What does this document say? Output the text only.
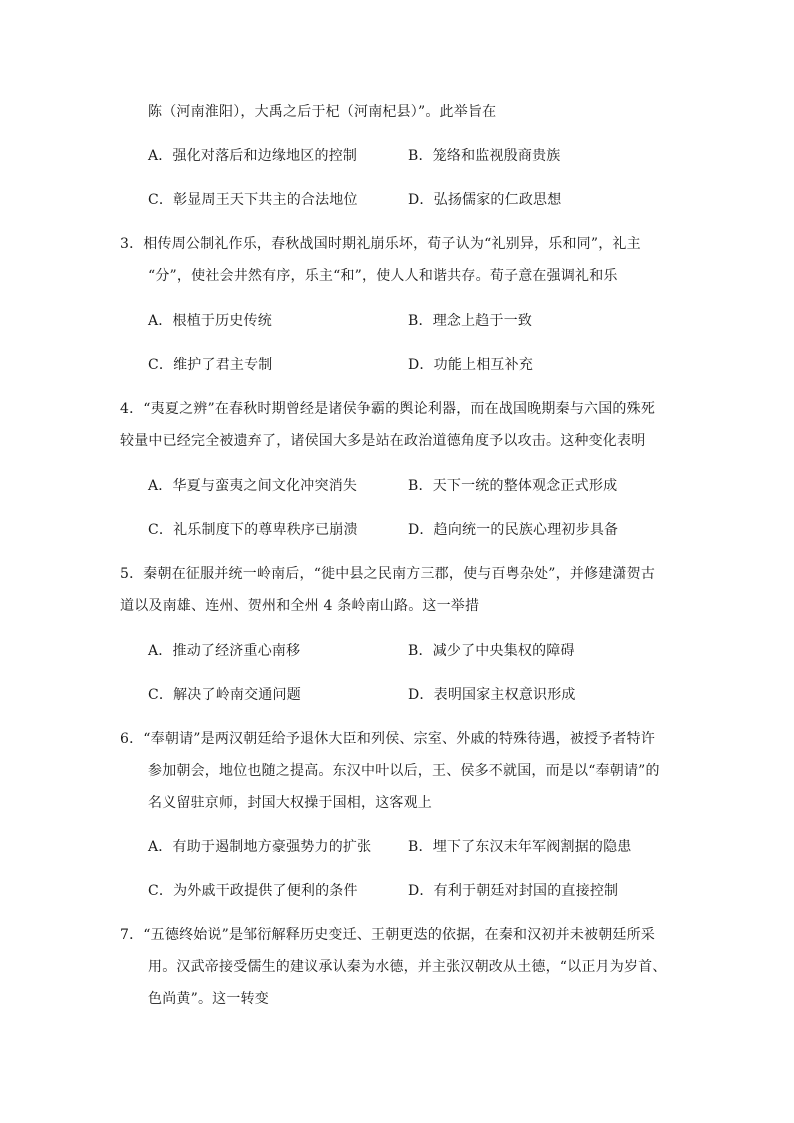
陈（河南淮阳），大禹之后于杞（河南杞县）”。此举旨在
A．强化对落后和边缘地区的控制	B．笼络和监视殷商贵族
C．彰显周王天下共主的合法地位	D．弘扬儒家的仁政思想
3．相传周公制礼作乐，春秋战国时期礼崩乐坏，荀子认为“礼别异，乐和同”，礼主
“分”，使社会井然有序，乐主“和”，使人人和谐共存。荀子意在强调礼和乐
A．根植于历史传统	B．理念上趋于一致
C．维护了君主专制	D．功能上相互补充
4．“夷夏之辨”在春秋时期曾经是诸侯争霸的舆论利器，而在战国晚期秦与六国的殊死
较量中已经完全被遗弃了，诸侯国大多是站在政治道德角度予以攻击。这种变化表明
A．华夏与蛮夷之间文化冲突消失	B．天下一统的整体观念正式形成
C．礼乐制度下的尊卑秩序已崩溃	D．趋向统一的民族心理初步具备
5．秦朝在征服并统一岭南后，“徙中县之民南方三郡，使与百粤杂处”，并修建潇贺古
道以及南雄、连州、贺州和全州 4 条岭南山路。这一举措
A．推动了经济重心南移	B．减少了中央集权的障碍
C．解决了岭南交通问题	D．表明国家主权意识形成
6．“奉朝请”是两汉朝廷给予退休大臣和列侯、宗室、外戚的特殊待遇，被授予者特许
参加朝会，地位也随之提高。东汉中叶以后，王、侯多不就国，而是以“奉朝请”的
名义留驻京师，封国大权操于国相，这客观上
A．有助于遏制地方豪强势力的扩张	B．埋下了东汉末年军阀割据的隐患
C．为外戚干政提供了便利的条件	D．有利于朝廷对封国的直接控制
7．“五德终始说”是邹衍解释历史变迁、王朝更迭的依据，在秦和汉初并未被朝廷所采
用。汉武帝接受儒生的建议承认秦为水德，并主张汉朝改从土德，“以正月为岁首、
色尚黄”。这一转变
